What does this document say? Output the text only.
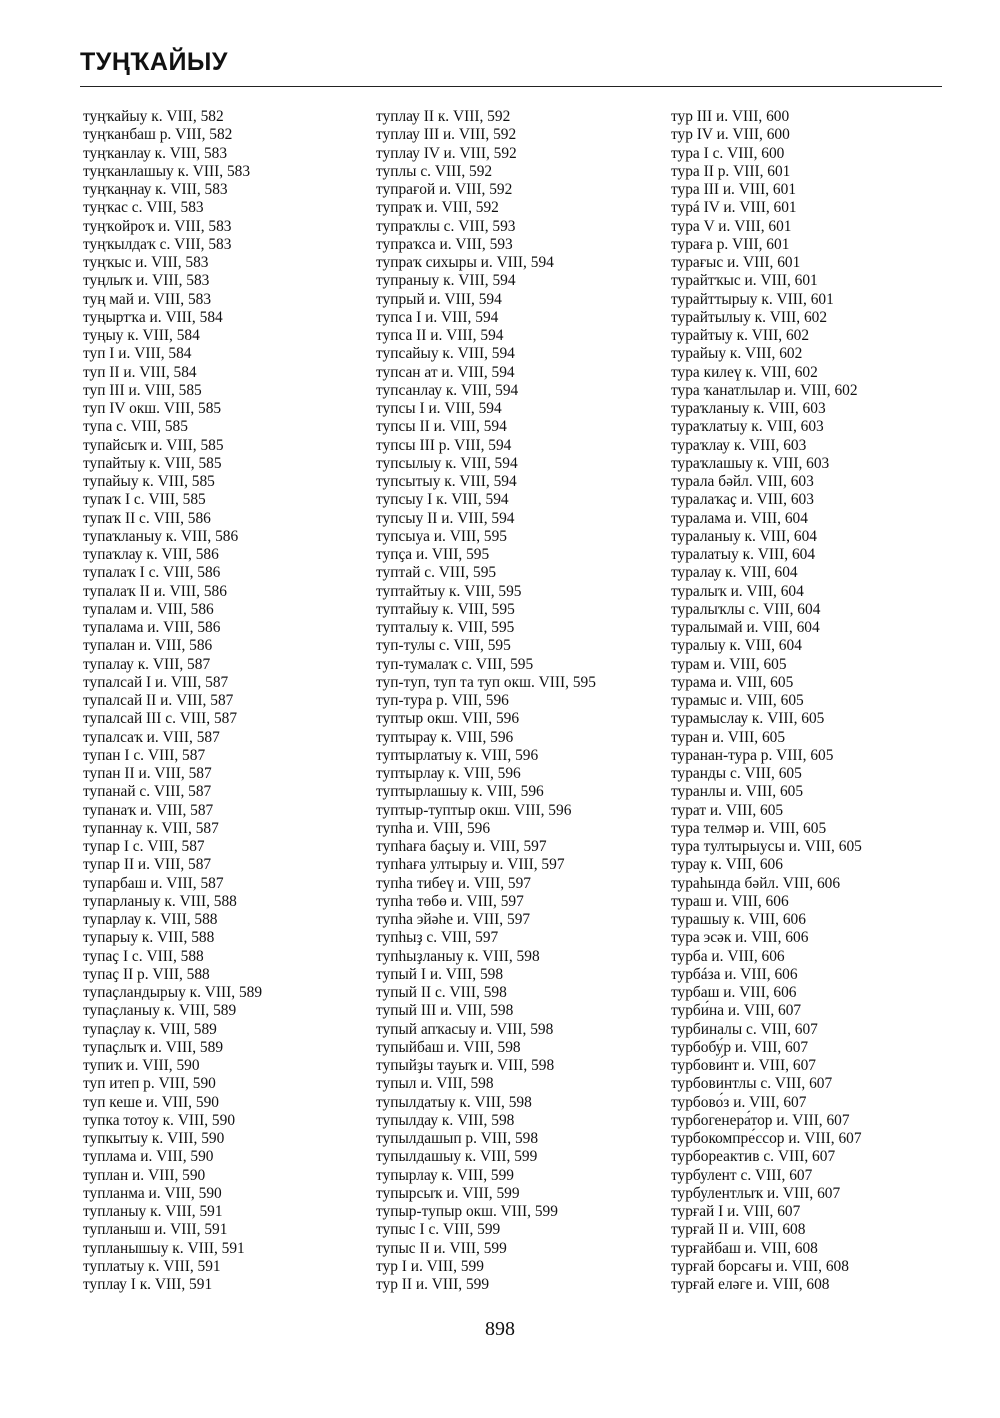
ТУҢҠАЙЫУ
туңҡайыу к. VIII, 582
туңҡанбаш р. VIII, 582
туңҡанлау к. VIII, 583
туңҡанлашыу к. VIII, 583
туңҡаңнау к. VIII, 583
туңҡас с. VIII, 583
туңҡойроҡ и. VIII, 583
туңҡылдаҡ с. VIII, 583
туңҡыс и. VIII, 583
туңлыҡ и. VIII, 583
туң май и. VIII, 583
туңыртҡа и. VIII, 584
туңыу к. VIII, 584
туп I и. VIII, 584
туп II и. VIII, 584
туп III и. VIII, 585
туп IV окш. VIII, 585
тупа с. VIII, 585
тупайсыҡ и. VIII, 585
тупайтыу к. VIII, 585
тупайыу к. VIII, 585
тупаҡ I с. VIII, 585
тупаҡ II с. VIII, 586
тупаҡланыу к. VIII, 586
тупаҡлау к. VIII, 586
тупалаҡ I с. VIII, 586
тупалаҡ II и. VIII, 586
тупалам и. VIII, 586
тупалама и. VIII, 586
тупалан и. VIII, 586
тупалау к. VIII, 587
тупалсай I и. VIII, 587
тупалсай II и. VIII, 587
тупалсай III с. VIII, 587
тупалсаҡ и. VIII, 587
тупан I с. VIII, 587
тупан II и. VIII, 587
тупанай с. VIII, 587
тупанаҡ и. VIII, 587
тупаннау к. VIII, 587
тупар I с. VIII, 587
тупар II и. VIII, 587
тупарбаш и. VIII, 587
тупарланыу к. VIII, 588
тупарлау к. VIII, 588
тупарыу к. VIII, 588
тупаҫ I с. VIII, 588
тупаҫ II р. VIII, 588
тупаҫландырыу к. VIII, 589
тупаҫланыу к. VIII, 589
тупаҫлау к. VIII, 589
тупаҫлыҡ и. VIII, 589
тупиҡ и. VIII, 590
туп итеп р. VIII, 590
туп кеше и. VIII, 590
тупка тотоу к. VIII, 590
тупкытыу к. VIII, 590
туплама и. VIII, 590
туплан и. VIII, 590
тупланма и. VIII, 590
тупланыу к. VIII, 591
тупланыш и. VIII, 591
тупланышыу к. VIII, 591
туплатыу к. VIII, 591
туплау I к. VIII, 591
туплау II к. VIII, 592
туплау III и. VIII, 592
туплау IV и. VIII, 592
туплы с. VIII, 592
тупрағой и. VIII, 592
тупраҡ и. VIII, 592
тупраҡлы с. VIII, 593
тупраҡса и. VIII, 593
тупраҡ сихыры и. VIII, 594
тупраныу к. VIII, 594
тупрый и. VIII, 594
тупса I и. VIII, 594
тупса II и. VIII, 594
тупсайыу к. VIII, 594
тупсан ат и. VIII, 594
тупсанлау к. VIII, 594
тупсы I и. VIII, 594
тупсы II и. VIII, 594
тупсы III р. VIII, 594
тупсылыу к. VIII, 594
тупсытыу к. VIII, 594
тупсыу I к. VIII, 594
тупсыу II и. VIII, 594
тупсыуа и. VIII, 595
тупҫа и. VIII, 595
туптай с. VIII, 595
туптайтыу к. VIII, 595
туптайыу к. VIII, 595
тупталыу к. VIII, 595
туп-тулы с. VIII, 595
туп-тумалаҡ с. VIII, 595
туп-туп, туп та туп окш. VIII, 595
туп-тура р. VIII, 596
туптыр окш. VIII, 596
туптырау к. VIII, 596
туптырлатыу к. VIII, 596
туптырлау к. VIII, 596
туптырлашыу к. VIII, 596
туптыр-туптыр окш. VIII, 596
тупһа и. VIII, 596
тупһаға баҫыу и. VIII, 597
тупһаға ултырыу и. VIII, 597
тупһа тибеү и. VIII, 597
тупһа төбө и. VIII, 597
тупһа эйәһе и. VIII, 597
тупһыҙ с. VIII, 597
тупһыҙланыу к. VIII, 598
тупый I и. VIII, 598
тупый II с. VIII, 598
тупый III и. VIII, 598
тупый апҡасыу и. VIII, 598
тупыйбаш и. VIII, 598
тупыйҙы тауыҡ и. VIII, 598
тупыл и. VIII, 598
тупылдатыу к. VIII, 598
тупылдау к. VIII, 598
тупылдашып р. VIII, 598
тупылдашыу к. VIII, 599
тупырлау к. VIII, 599
тупырсыҡ и. VIII, 599
тупыр-тупыр окш. VIII, 599
тупыс I с. VIII, 599
тупыс II и. VIII, 599
тур I и. VIII, 599
тур II и. VIII, 599
тур III и. VIII, 600
тур IV и. VIII, 600
тура I с. VIII, 600
тура II р. VIII, 601
тура III и. VIII, 601
турá IV и. VIII, 601
тура V и. VIII, 601
тураға р. VIII, 601
турағыс и. VIII, 601
турайтҡыс и. VIII, 601
турайттырыу к. VIII, 601
турайтылыу к. VIII, 602
турайтыу к. VIII, 602
турайыу к. VIII, 602
тура килеү к. VIII, 602
тура ҡанатлылар и. VIII, 602
тураҡланыу к. VIII, 603
тураҡлатыу к. VIII, 603
тураҡлау к. VIII, 603
тураҡлашыу к. VIII, 603
турала бәйл. VIII, 603
туралаҡаҫ и. VIII, 603
туралама и. VIII, 604
тураланыу к. VIII, 604
туралатыу к. VIII, 604
туралау к. VIII, 604
туралыҡ и. VIII, 604
туралыҡлы с. VIII, 604
туралымай и. VIII, 604
туралыу к. VIII, 604
турам и. VIII, 605
турама и. VIII, 605
турамыс и. VIII, 605
турамыслау к. VIII, 605
туран и. VIII, 605
туранан-тура р. VIII, 605
туранды с. VIII, 605
туранлы и. VIII, 605
турат и. VIII, 605
тура телмәр и. VIII, 605
тура тултырыусы и. VIII, 605
турау к. VIII, 606
тураһында бәйл. VIII, 606
тураш и. VIII, 606
турашыу к. VIII, 606
тура эсәк и. VIII, 606
турба и. VIII, 606
турбáза и. VIII, 606
турбаш и. VIII, 606
турби́на и. VIII, 607
турбиналы с. VIII, 607
турбобу́р и. VIII, 607
турбови́нт и. VIII, 607
турбовинтлы с. VIII, 607
турбово́з и. VIII, 607
турбогенера́тор и. VIII, 607
турбокомпре́ссор и. VIII, 607
турбореактив с. VIII, 607
турбулент с. VIII, 607
турбулентлыҡ и. VIII, 607
турғай I и. VIII, 607
турғай II и. VIII, 608
турғайбаш и. VIII, 608
турғай борсағы и. VIII, 608
турғай еләге и. VIII, 608
898
